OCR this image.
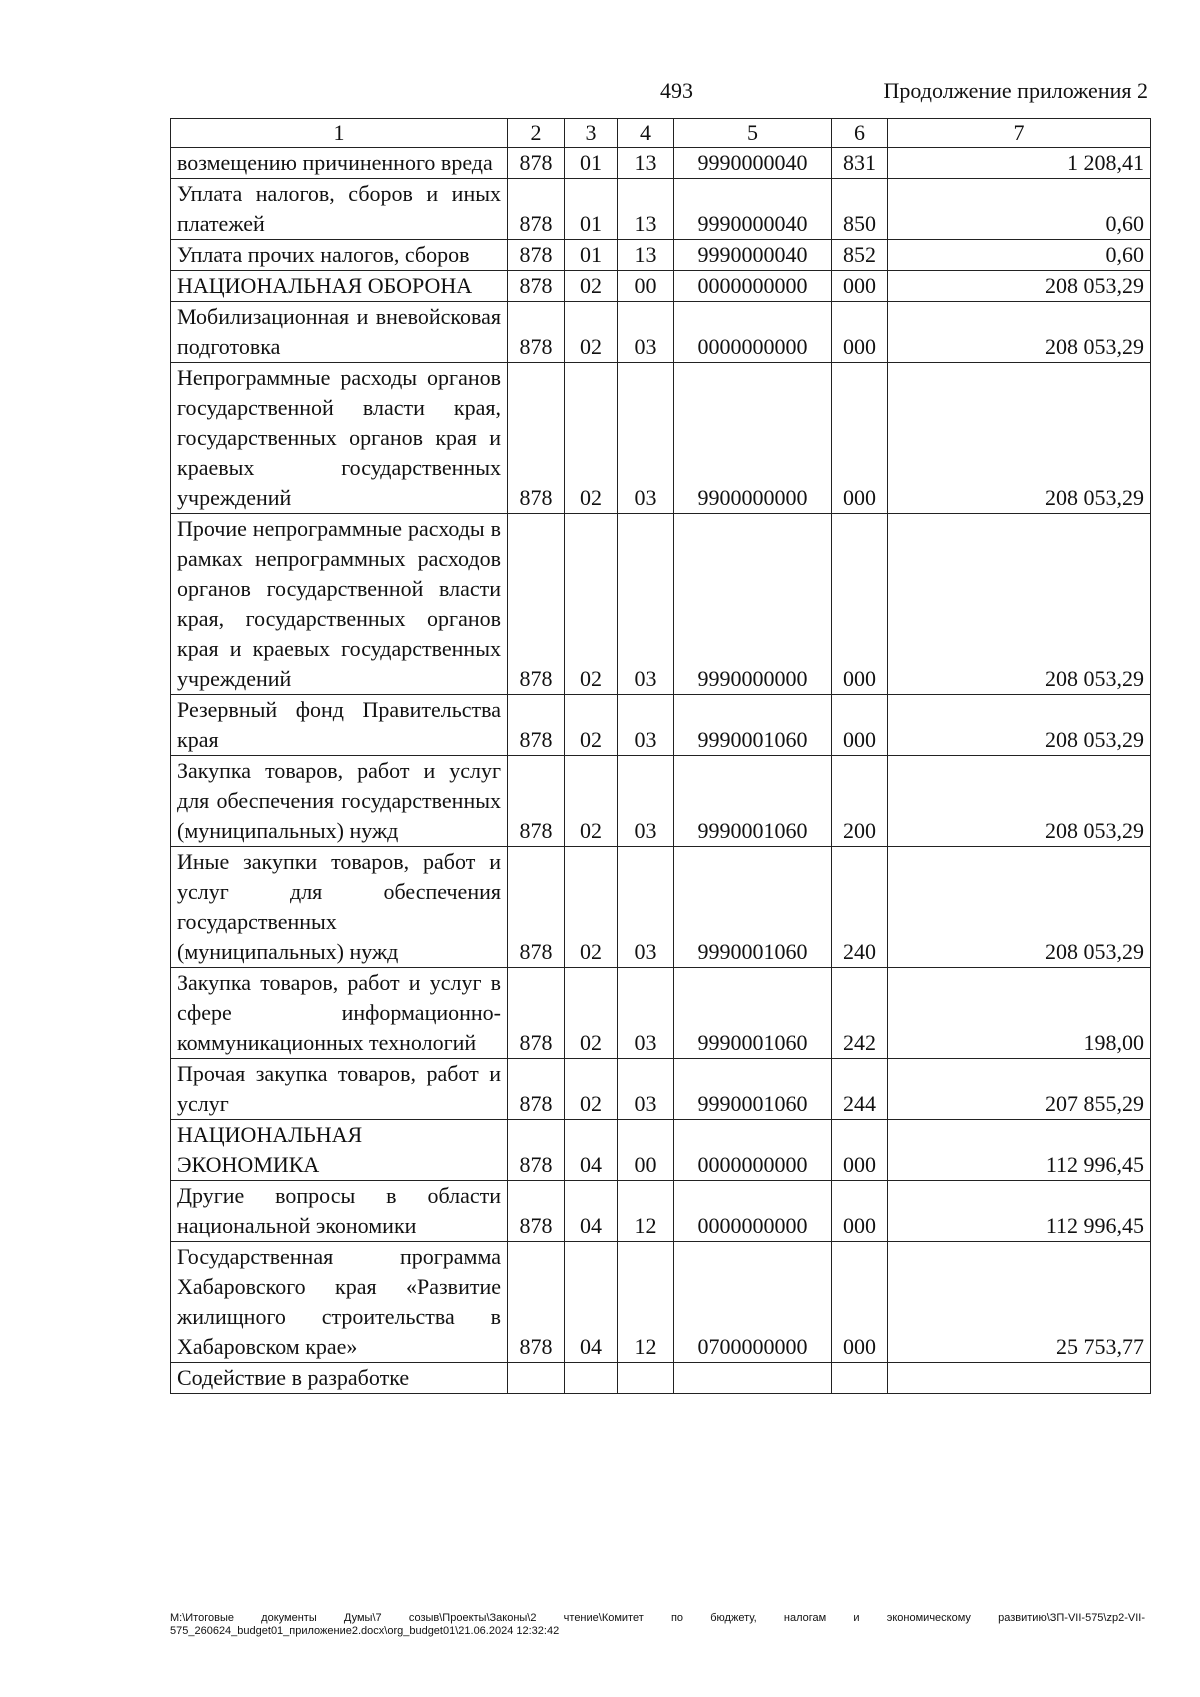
493	Продолжение приложения 2
1	2	3	4	5	6	7
возмещению причиненного вреда	878	01	13	9990000040	831	1 208,41
Уплата налогов, сборов и иных платежей	878	01	13	9990000040	850	0,60
Уплата прочих налогов, сборов	878	01	13	9990000040	852	0,60
НАЦИОНАЛЬНАЯ ОБОРОНА	878	02	00	0000000000	000	208 053,29
Мобилизационная и вневойсковая подготовка	878	02	03	0000000000	000	208 053,29
Непрограммные расходы органов государственной власти края, государственных органов края и краевых государственных учреждений	878	02	03	9900000000	000	208 053,29
Прочие непрограммные расходы в рамках непрограммных расходов органов государственной власти края, государственных органов края и краевых государственных учреждений	878	02	03	9990000000	000	208 053,29
Резервный фонд Правительства края	878	02	03	9990001060	000	208 053,29
Закупка товаров, работ и услуг для обеспечения государственных (муниципальных) нужд	878	02	03	9990001060	200	208 053,29
Иные закупки товаров, работ и услуг для обеспечения государственных (муниципальных) нужд	878	02	03	9990001060	240	208 053,29
Закупка товаров, работ и услуг в сфере информационно-коммуникационных технологий	878	02	03	9990001060	242	198,00
Прочая закупка товаров, работ и услуг	878	02	03	9990001060	244	207 855,29
НАЦИОНАЛЬНАЯ ЭКОНОМИКА	878	04	00	0000000000	000	112 996,45
Другие вопросы в области национальной экономики	878	04	12	0000000000	000	112 996,45
Государственная программа Хабаровского края «Развитие жилищного строительства в Хабаровском крае»	878	04	12	0700000000	000	25 753,77
Содействие в разработке						
M:\Итоговые документы Думы\7 созыв\Проекты\Законы\2 чтение\Комитет по бюджету, налогам и экономическому развитию\ЗП-VII-575\zp2-VII-575_260624_budget01_приложение2.docx\org_budget01\21.06.2024 12:32:42
